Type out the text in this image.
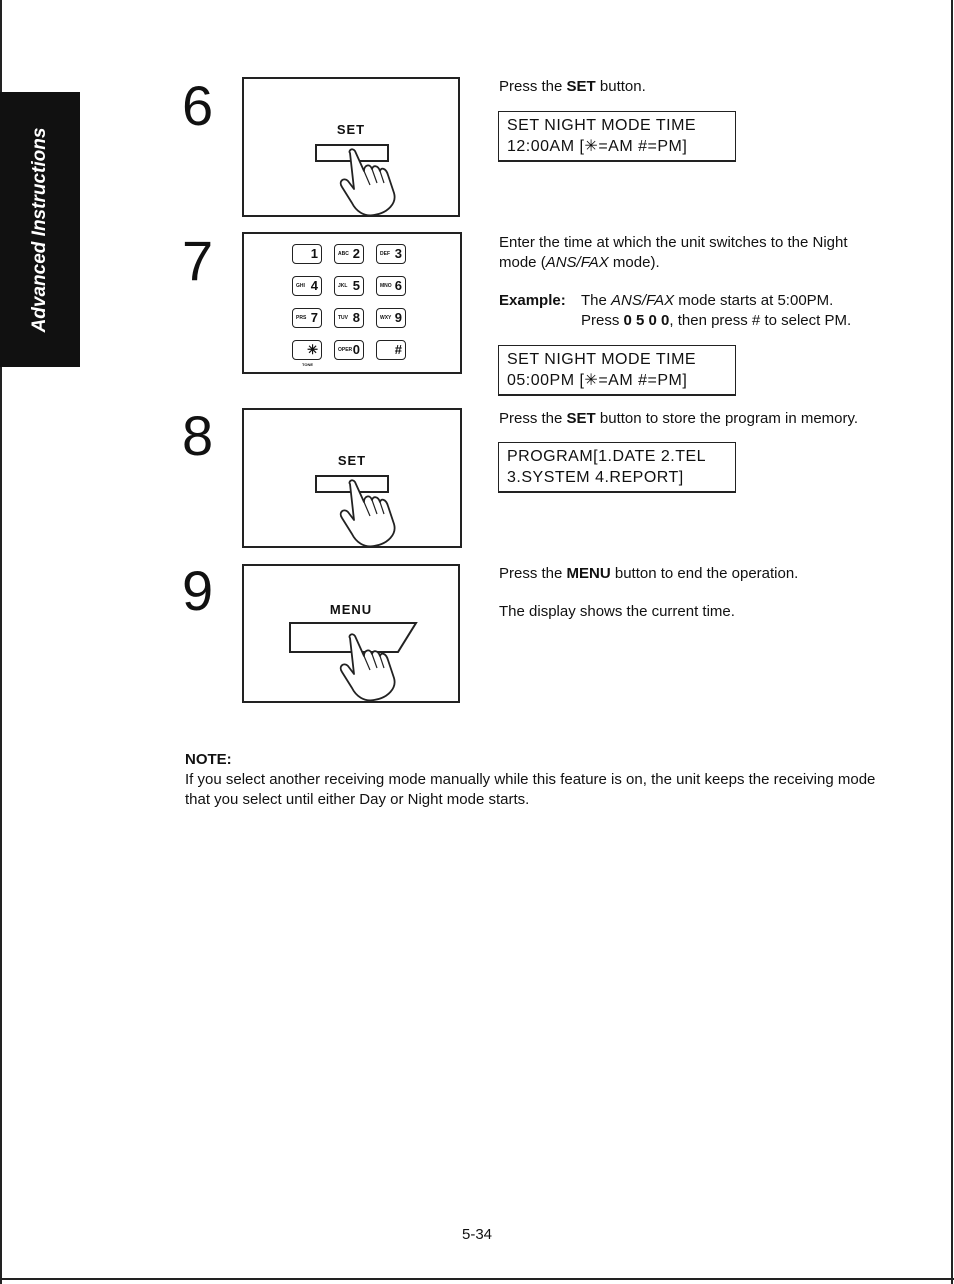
Advanced Instructions
6	SET
Press the SET button.
SET NIGHT MODE TIME
12:00AM [✳=AM #=PM]
7	1	ABC 2	DEF 3
GHI 4	JKL 5	MNO 6
PRS 7	TUV 8	WXY 9
✳	OPER 0	#
TONE
Enter the time at which the unit switches to the Night mode (ANS/FAX mode).
Example: The ANS/FAX mode starts at 5:00PM.
Press 0 5 0 0, then press # to select PM.
SET NIGHT MODE TIME
05:00PM [✳=AM #=PM]
8	SET
Press the SET button to store the program in memory.
PROGRAM[1.DATE 2.TEL
3.SYSTEM 4.REPORT]
9	MENU
Press the MENU button to end the operation.
The display shows the current time.
NOTE:
If you select another receiving mode manually while this feature is on, the unit keeps the receiving mode that you select until either Day or Night mode starts.
5-34
